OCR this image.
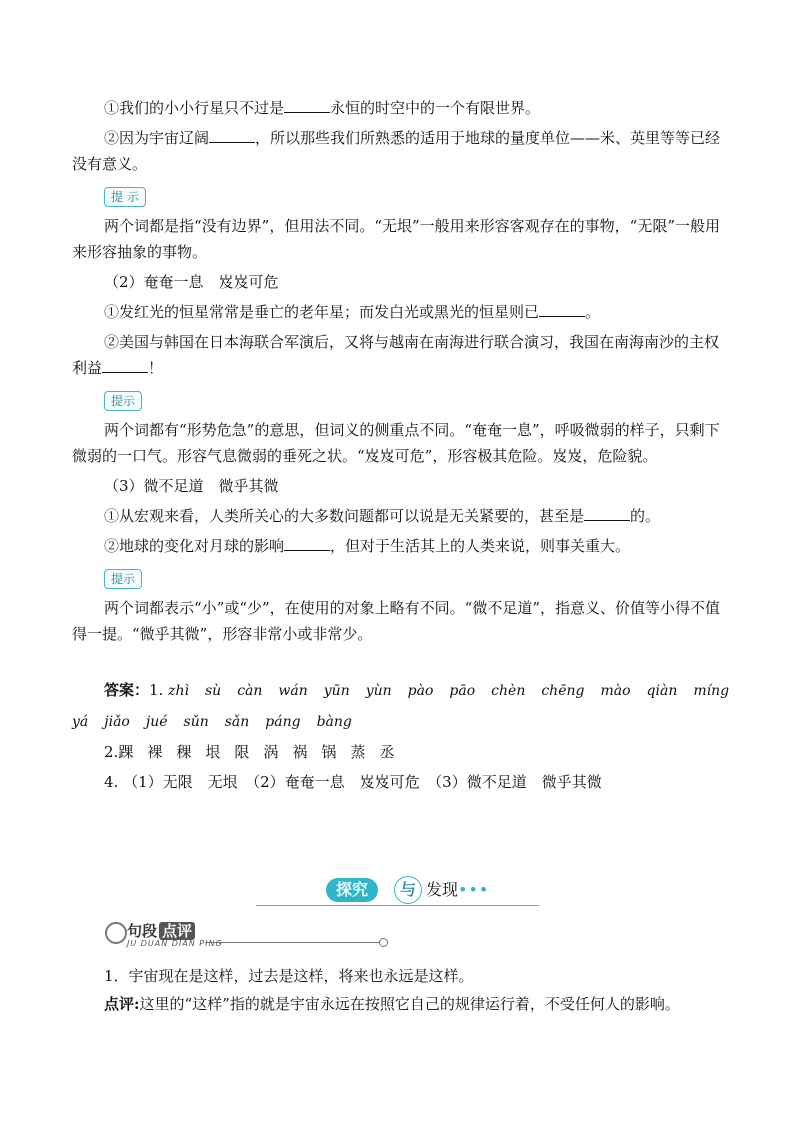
①我们的小小行星只不过是	永恒的时空中的一个有限世界。

②因为宇宙辽阔	，所以那些我们所熟悉的适用于地球的量度单位——米、英里等等已经没有意义。

提 示

两个词都是指“没有边界”，但用法不同。“无垠”一般用来形容客观存在的事物，“无限”一般用来形容抽象的事物。

（2）奄奄一息　岌岌可危

①发红光的恒星常常是垂亡的老年星；而发白光或黑光的恒星则已	。

②美国与韩国在日本海联合军演后，又将与越南在南海进行联合演习，我国在南海南沙的主权利益	！

提示

两个词都有“形势危急”的意思，但词义的侧重点不同。“奄奄一息”，呼吸微弱的样子，只剩下微弱的一口气。形容气息微弱的垂死之状。“岌岌可危”，形容极其危险。岌岌，危险貌。

（3）微不足道　微乎其微

①从宏观来看，人类所关心的大多数问题都可以说是无关紧要的，甚至是	的。

②地球的变化对月球的影响	，但对于生活其上的人类来说，则事关重大。

提示

两个词都表示“小”或“少”，在使用的对象上略有不同。“微不足道”，指意义、价值等小得不值得一提。“微乎其微”，形容非常小或非常少。

答案：1. zhì sù càn wán yūn yùn pào pāo chèn chēng mào qiàn míng
yá jiǎo jué sǔn sǎn páng bàng
2.踝 裸 稞 垠 限 涡 祸 锅 蒸 丞
4. （1）无限　无垠　（2）奄奄一息　岌岌可危　（3）微不足道　微乎其微
探究	与 发现•••
句段 点评
JU DUAN DIAN PING

1．宇宙现在是这样，过去是这样，将来也永远是这样。

点评:这里的“这样”指的就是宇宙永远在按照它自己的规律运行着，不受任何人的影响。
